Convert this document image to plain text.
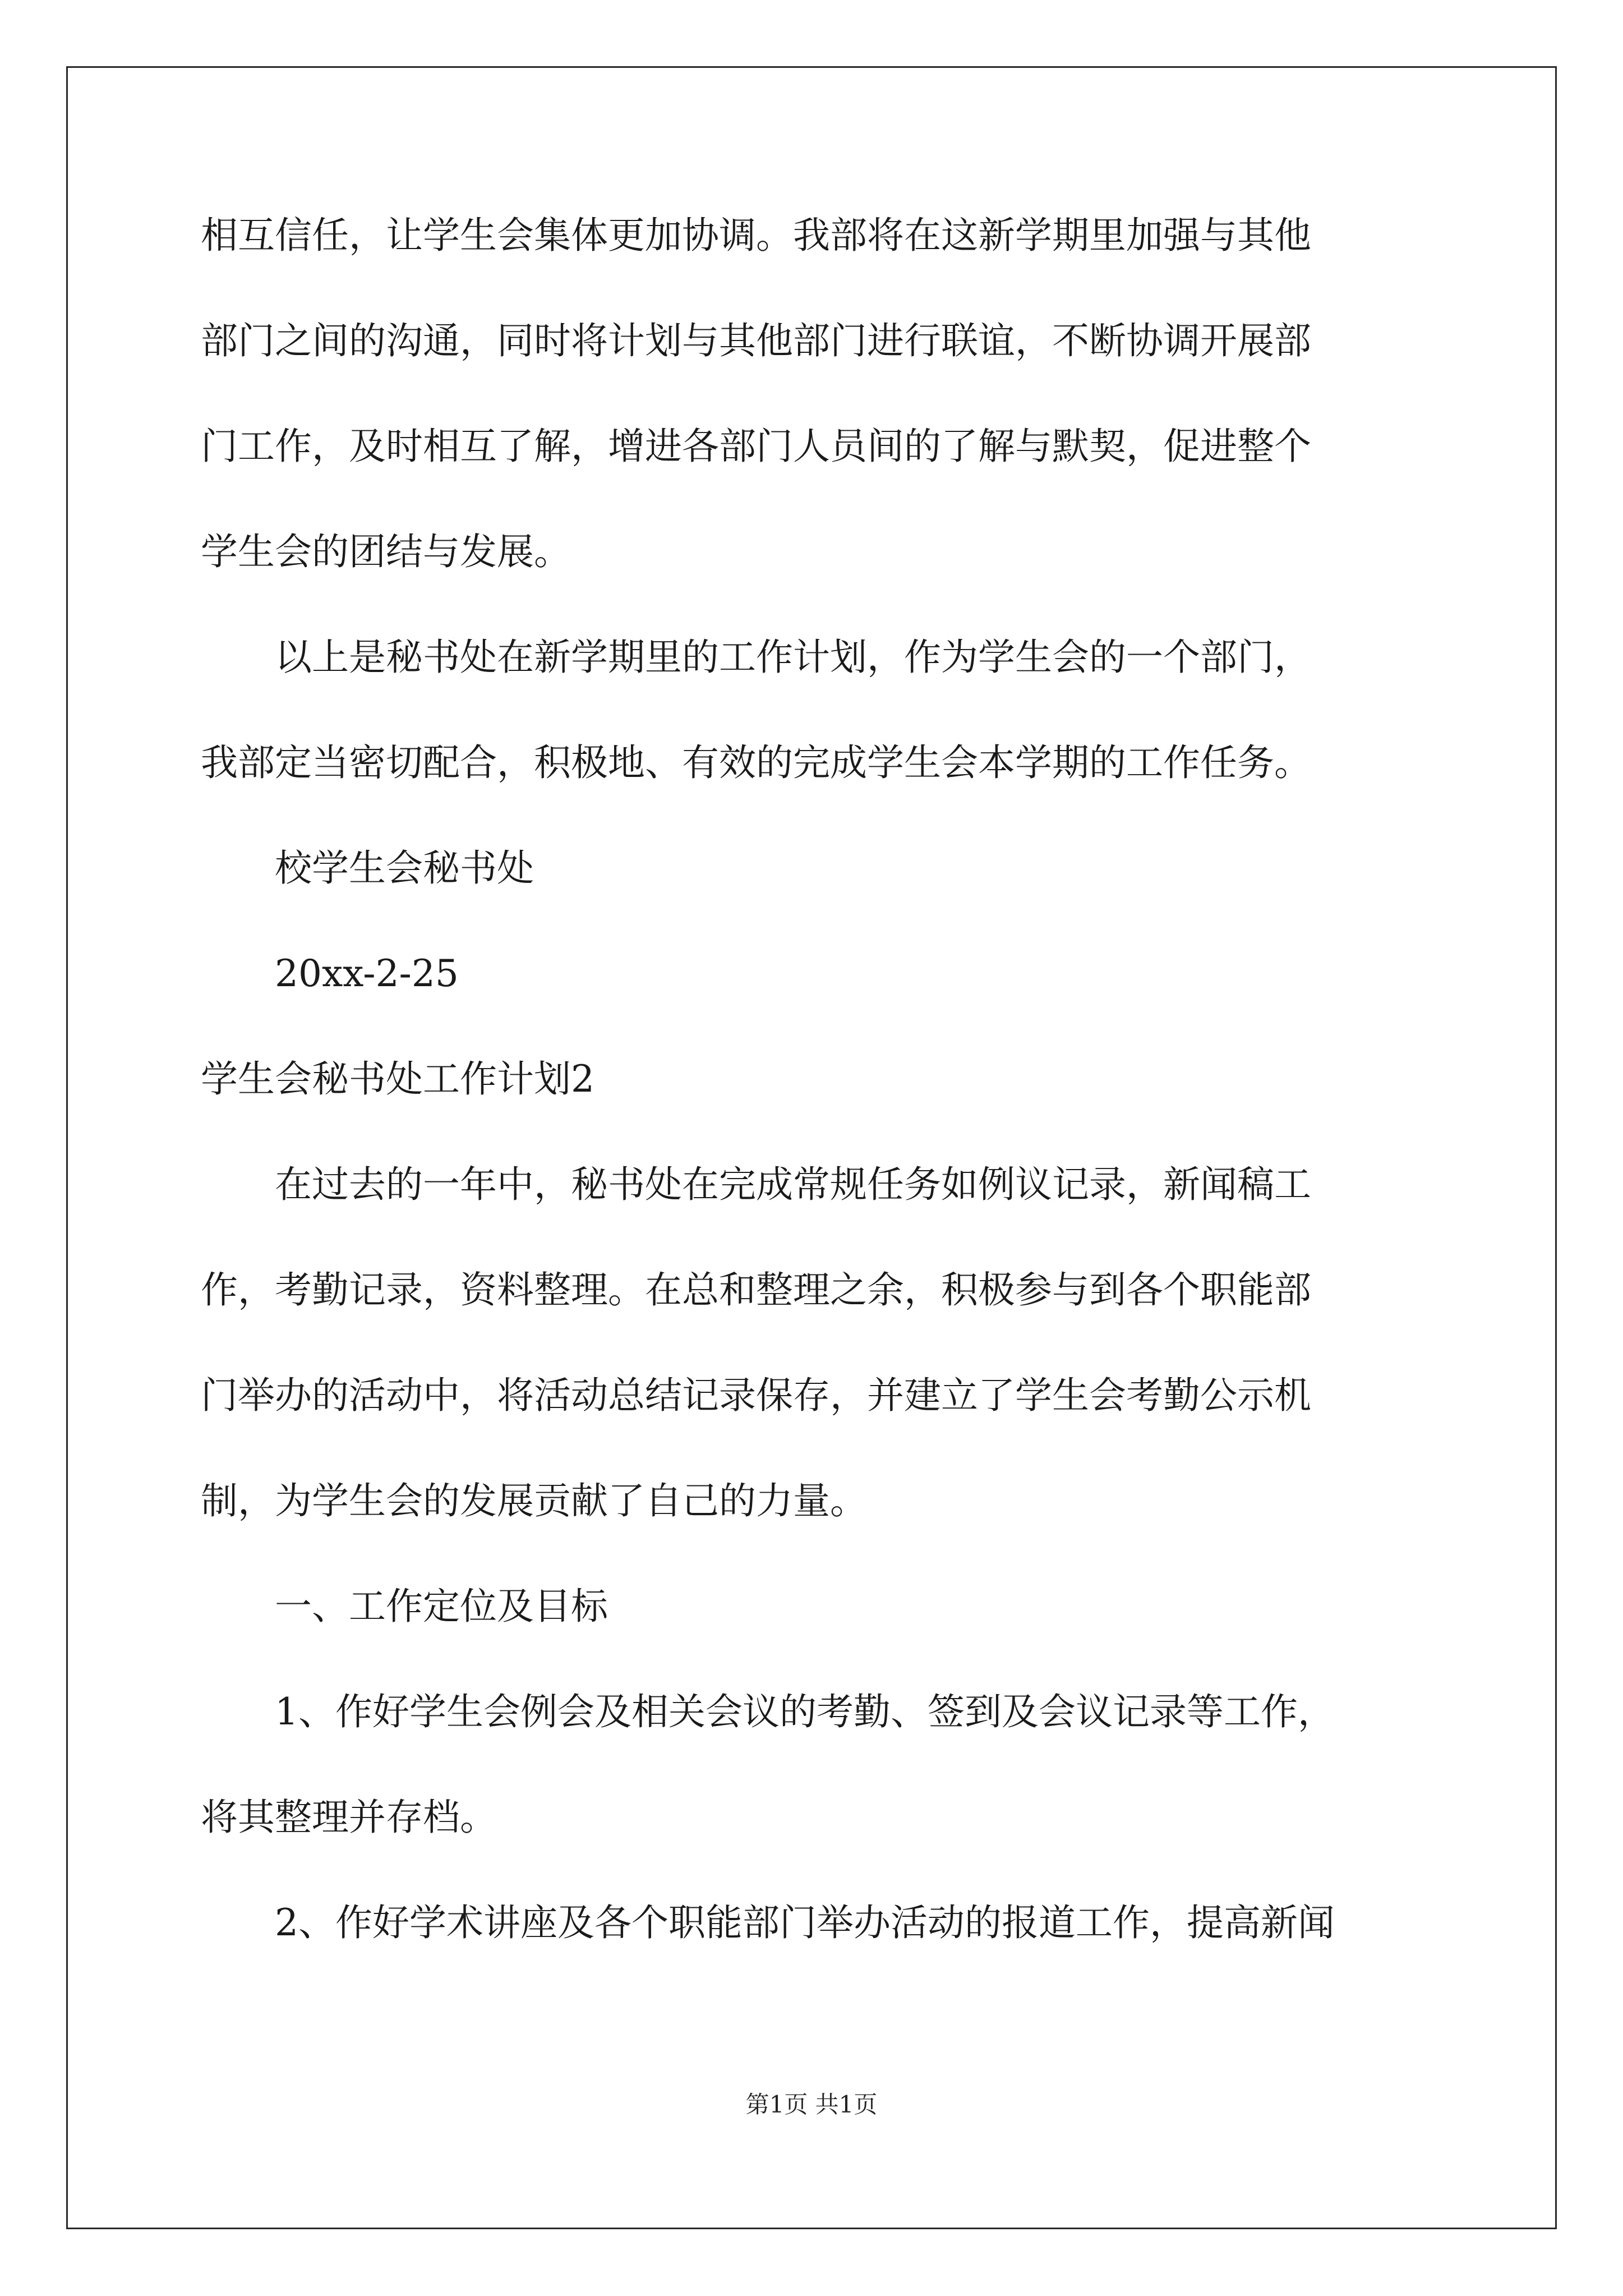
相互信任，让学生会集体更加协调。我部将在这新学期里加强与其他
部门之间的沟通，同时将计划与其他部门进行联谊，不断协调开展部
门工作，及时相互了解，增进各部门人员间的了解与默契，促进整个
学生会的团结与发展。
以上是秘书处在新学期里的工作计划，作为学生会的一个部门，
我部定当密切配合，积极地、有效的完成学生会本学期的工作任务。
校学生会秘书处
20xx-2-25
学生会秘书处工作计划2
在过去的一年中，秘书处在完成常规任务如例议记录，新闻稿工
作，考勤记录，资料整理。在总和整理之余，积极参与到各个职能部
门举办的活动中，将活动总结记录保存，并建立了学生会考勤公示机
制，为学生会的发展贡献了自己的力量。
一、工作定位及目标
1、作好学生会例会及相关会议的考勤、签到及会议记录等工作，
将其整理并存档。
2、作好学术讲座及各个职能部门举办活动的报道工作，提高新闻
第1页 共1页
